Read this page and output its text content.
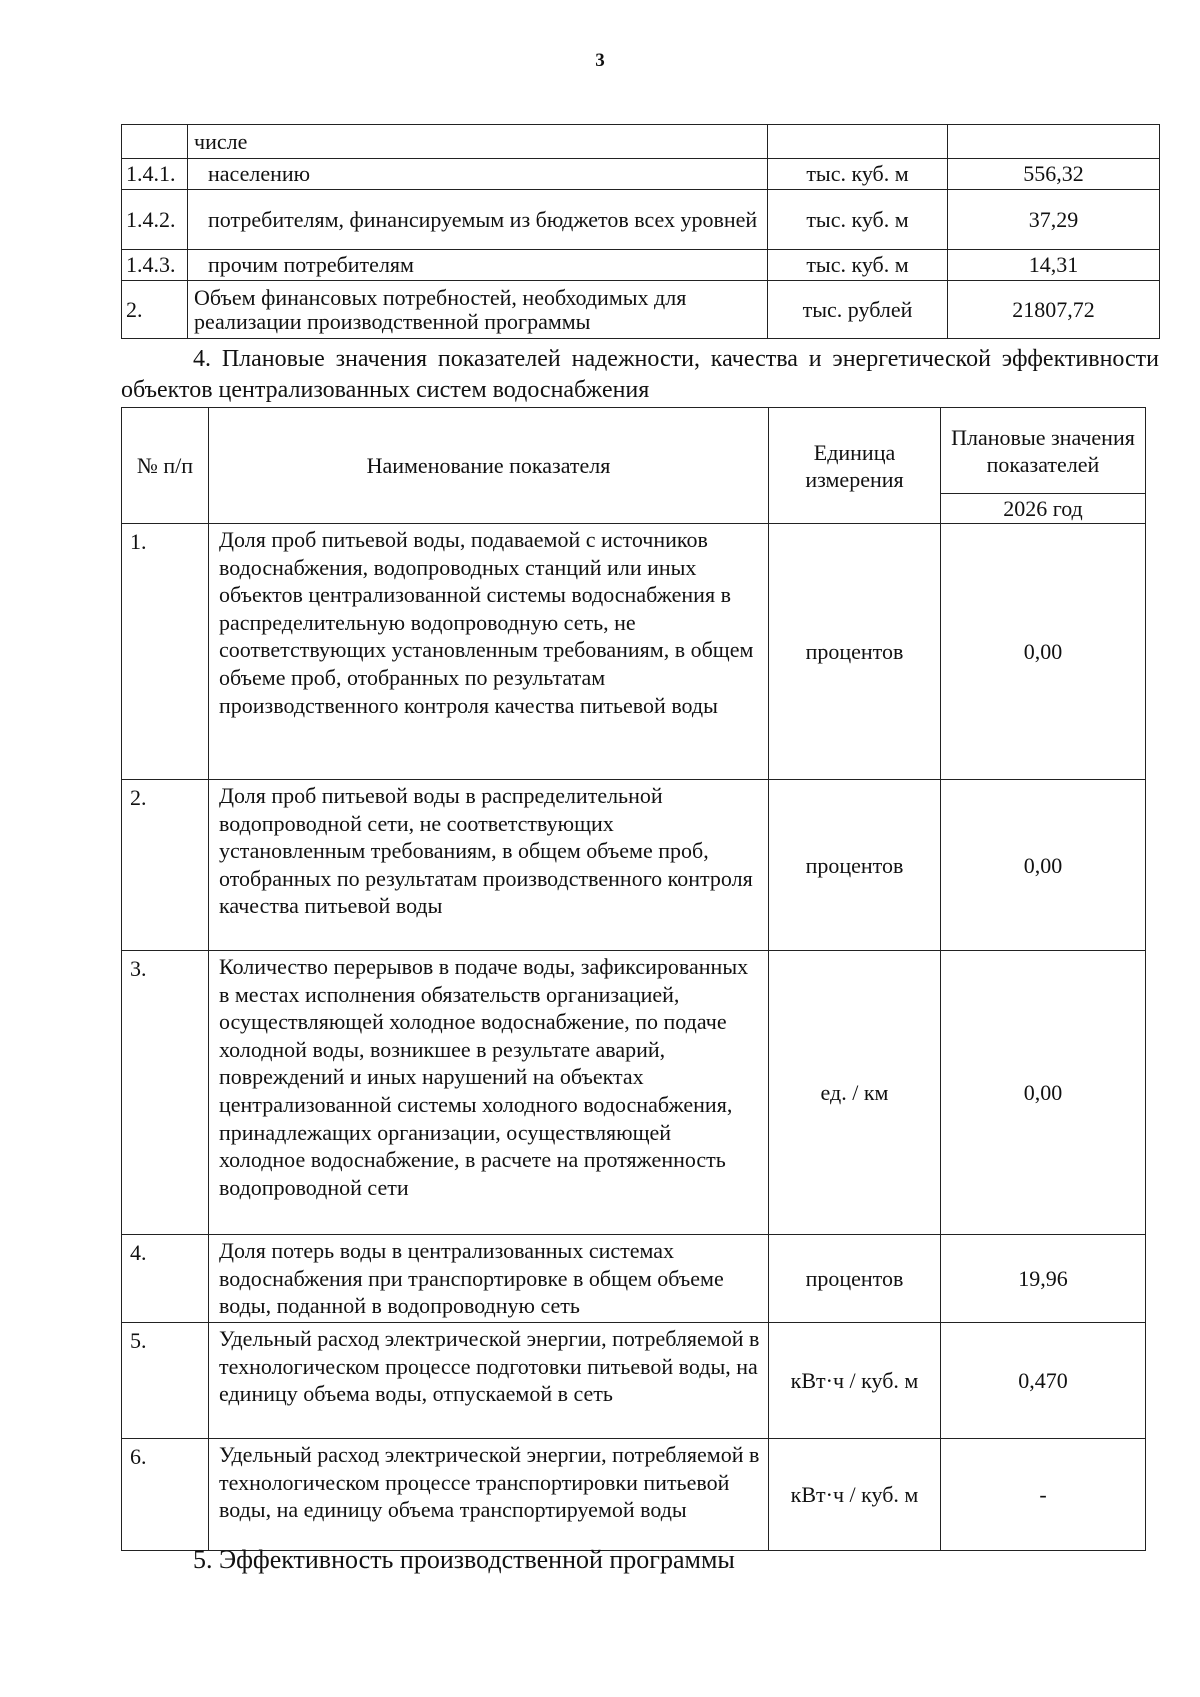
3
	числе		
1.4.1.	населению	тыс. куб. м	556,32
1.4.2.	потребителям, финансируемым из бюджетов всех уровней	тыс. куб. м	37,29
1.4.3.	прочим потребителям	тыс. куб. м	14,31
2.	Объем финансовых потребностей, необходимых для реализации производственной программы	тыс. рублей	21807,72
4. Плановые значения показателей надежности, качества и энергетической эффективности объектов централизованных систем водоснабжения
№ п/п	Наименование показателя	Единица измерения	Плановые значения показателей
			2026 год
1.	Доля проб питьевой воды, подаваемой с источников водоснабжения, водопроводных станций или иных объектов централизованной системы водоснабжения в распределительную водопроводную сеть, не соответствующих установленным требованиям, в общем объеме проб, отобранных по результатам производственного контроля качества питьевой воды	процентов	0,00
2.	Доля проб питьевой воды в распределительной водопроводной сети, не соответствующих установленным требованиям, в общем объеме проб, отобранных по результатам производственного контроля качества питьевой воды	процентов	0,00
3.	Количество перерывов в подаче воды, зафиксированных в местах исполнения обязательств организацией, осуществляющей холодное водоснабжение, по подаче холодной воды, возникшее в результате аварий, повреждений и иных нарушений на объектах централизованной системы холодного водоснабжения, принадлежащих организации, осуществляющей холодное водоснабжение, в расчете на протяженность водопроводной сети	ед. / км	0,00
4.	Доля потерь воды в централизованных системах водоснабжения при транспортировке в общем объеме воды, поданной в водопроводную сеть	процентов	19,96
5.	Удельный расход электрической энергии, потребляемой в технологическом процессе подготовки питьевой воды, на единицу объема воды, отпускаемой в сеть	кВт·ч / куб. м	0,470
6.	Удельный расход электрической энергии, потребляемой в технологическом процессе транспортировки питьевой воды, на единицу объема транспортируемой воды	кВт·ч / куб. м	-
5. Эффективность производственной программы
